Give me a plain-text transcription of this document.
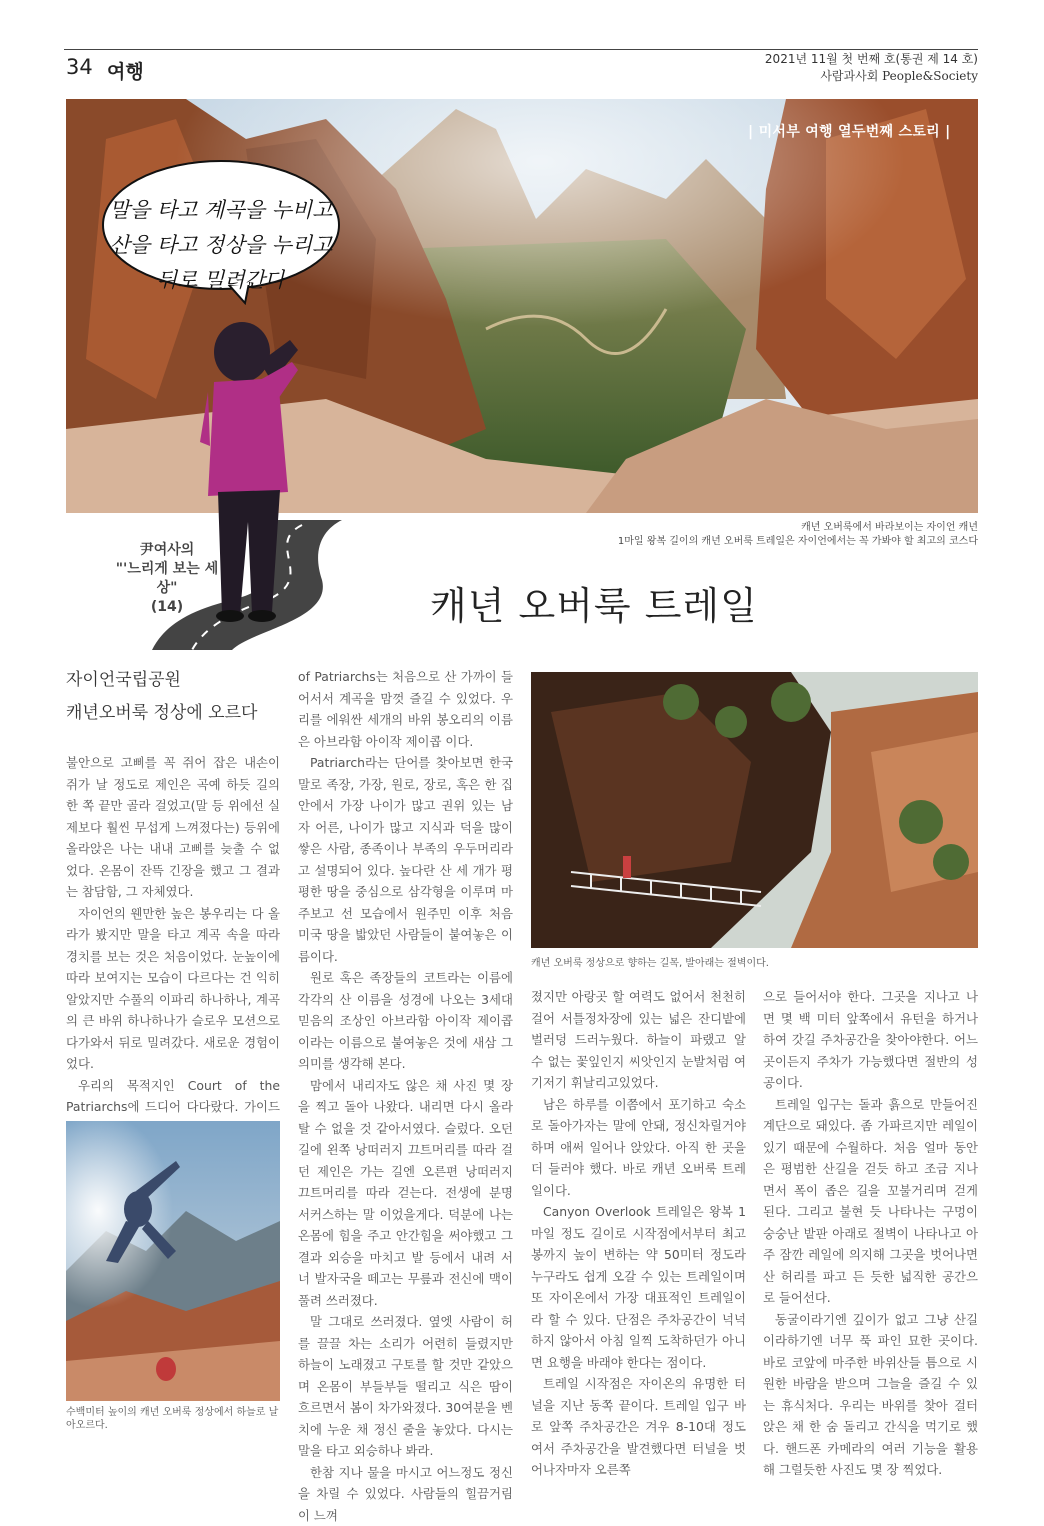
34 여행
2021년 11월 첫 번째 호(통권 제 14 호)
사람과사회 People&Society
| 미서부 여행 열두번째 스토리 |
말을 타고 계곡을 누비고
산을 타고 정상을 누리고
뒤로 밀려간다
캐년 오버룩에서 바라보이는 자이언 캐년
1마일 왕복 길이의 캐년 오버룩 트레일은 자이언에서는 꼭 가봐야 할 최고의 코스다
尹여사의
"'느리게 보는 세상"
(14)	캐년 오버룩 트레일
자이언국립공원
캐년오버룩 정상에 오르다

불안으로 고삐를 꼭 쥐어 잡은 내손이 쥐가 날 정도로 제인은 곡예 하듯 길의 한 쪽 끝만 골라 걸었고(말 등 위에선 실제보다 훨씬 무섭게 느껴졌다는) 등위에 올라앉은 나는 내내 고삐를 늦출 수 없었다. 온몸이 잔뜩 긴장을 했고 그 결과는 참담함, 그 자체였다.

자이언의 웬만한 높은 봉우리는 다 올라가 봤지만 말을 타고 계곡 속을 따라 경치를 보는 것은 처음이었다. 눈높이에 따라 보여지는 모습이 다르다는 건 익히 알았지만 수풀의 이파리 하나하나, 계곡의 큰 바위 하나하나가 슬로우 모션으로 다가와서 뒤로 밀려갔다. 새로운 경험이었다.

우리의 목적지인 Court of the Patriarchs에 드디어 다다랐다. 가이드

수백미터 높이의 캐년 오버룩 정상에서 하늘로 날아오르다.

of Patriarchs는 처음으로 산 가까이 들어서서 계곡을 맘껏 즐길 수 있었다. 우리를 에워싼 세개의 바위 봉오리의 이름은 아브라함 아이작 제이콥 이다.

Patriarch라는 단어를 찾아보면 한국말로 족장, 가장, 원로, 장로, 혹은 한 집안에서 가장 나이가 많고 권위 있는 남자 어른, 나이가 많고 지식과 덕을 많이 쌓은 사람, 종족이나 부족의 우두머리라고 설명되어 있다. 높다란 산 세 개가 평평한 땅을 중심으로 삼각형을 이루며 마주보고 선 모습에서 원주민 이후 처음 미국 땅을 밟았던 사람들이 붙여놓은 이름이다.

원로 혹은 족장들의 코트라는 이름에 각각의 산 이름을 성경에 나오는 3세대 믿음의 조상인 아브라함 아이작 제이콥이라는 이름으로 붙여놓은 것에 새삼 그 의미를 생각해 본다.

맘에서 내리자도 않은 채 사진 몇 장을 찍고 돌아 나왔다. 내리면 다시 올라 탈 수 없을 것 같아서였다. 슬렀다. 오던 길에 왼쪽 낭떠러지 끄트머리를 따라 걸던 제인은 가는 길엔 오른편 낭떠러지 끄트머리를 따라 걷는다. 전생에 분명 서커스하는 말 이었을게다. 덕분에 나는 온몸에 힘을 주고 안간힘을 써야했고 그 결과 외승을 마치고 발 등에서 내려 서너 발자국을 떼고는 무릎과 전신에 맥이 풀려 쓰러졌다.

말 그대로 쓰러졌다. 옆엣 사람이 허를 끌끌 차는 소리가 어련히 들렸지만 하늘이 노래졌고 구토를 할 것만 같았으며 온몸이 부들부들 떨리고 식은 땀이 흐르면서 봄이 차가와졌다. 30여분을 벤치에 누운 채 정신 줄을 놓았다. 다시는 말을 타고 외승하나 봐라.

한참 지나 물을 마시고 어느정도 정신을 차릴 수 있었다. 사람들의 힐끔거림이 느껴

캐년 오버룩 정상으로 향하는 길목, 발아래는 절벽이다.

졌지만 아랑곳 할 여력도 없어서 천천히 걸어 서틀정차장에 있는 넓은 잔디밭에 벌러덩 드러누웠다. 하늘이 파랬고 알 수 없는 꽃잎인지 씨앗인지 눈발처럼 여기저기 휘날리고있었다.

남은 하루를 이쯤에서 포기하고 숙소로 돌아가자는 말에 안돼, 정신차릴거야 하며 애써 일어나 앉았다. 아직 한 곳을 더 들러야 했다. 바로 캐년 오버룩 트레일이다.

Canyon Overlook 트레일은 왕복 1마일 정도 길이로 시작점에서부터 최고봉까지 높이 변하는 약 50미터 정도라 누구라도 쉽게 오갈 수 있는 트레일이며 또 자이온에서 가장 대표적인 트레일이라 할 수 있다. 단점은 주차공간이 넉넉하지 않아서 아침 일찍 도착하던가 아니면 요행을 바래야 한다는 점이다.

트레일 시작점은 자이온의 유명한 터널을 지난 동쪽 끝이다. 트레일 입구 바로 앞쪽 주차공간은 겨우 8-10대 정도여서 주차공간을 발견했다면 터널을 벗어나자마자 오른쪽

으로 들어서야 한다. 그곳을 지나고 나면 몇 백 미터 앞쪽에서 유턴을 하거나 하여 갓길 주차공간을 찾아야한다. 어느 곳이든지 주차가 가능했다면 절반의 성공이다.

트레일 입구는 돌과 흙으로 만들어진 계단으로 돼있다. 좀 가파르지만 레일이 있기 때문에 수월하다. 처음 얼마 동안은 평범한 산길을 걷듯 하고 조금 지나면서 폭이 좁은 길을 꼬불거리며 걷게 된다. 그리고 불현 듯 나타나는 구멍이 숭숭난 밭판 아래로 절벽이 나타나고 아주 잠깐 레일에 의지해 그곳을 벗어나면 산 허리를 파고 든 듯한 넓직한 공간으로 들어선다.

동굴이라기엔 깊이가 없고 그냥 산길 이라하기엔 너무 푹 파인 묘한 곳이다. 바로 코앞에 마주한 바위산들 틈으로 시원한 바람을 받으며 그늘을 즐길 수 있는 휴식처다. 우리는 바위를 찾아 걸터앉은 채 한 숨 돌리고 간식을 먹기로 했다. 핸드폰 카메라의 여러 기능을 활용해 그럴듯한 사진도 몇 장 찍었다.
